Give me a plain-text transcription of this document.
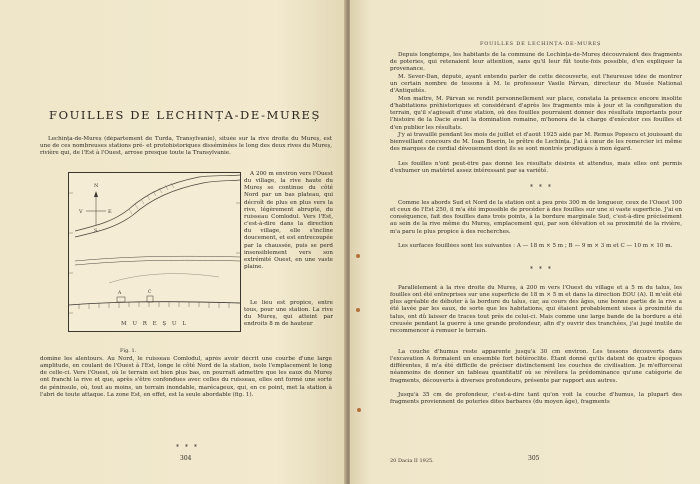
FOUILLES DE LECHINȚA-DE-MUREȘ

Lechința-de-Mureș (département de Turda, Transylvanie), située sur la rive droite du Mureș, est une de ces nombreuses stations pré- et protohistoriques disséminées le long des deux rives du Mureș, rivière qui, de l'Est à l'Ouest, arrose presque toute la Transylvanie.

N
S
E
V
A	C
M U R E Ș U L

A 200 m environ vers l'Ouest du village, la rive haute du Mureș se continue du côté Nord par un bas plateau, qui décroît de plus en plus vers la rive, légèrement abrupte, du ruisseau Comlodul. Vers l'Est, c'est-à-dire dans la direction du village, elle s'incline doucement, et est entrecoupée par la chaussée, puis se perd insensiblement vers son extrémité Ouest, en une vaste plaine.

Le lieu est propice, entre tous, pour une station. La rive du Mureș, qui atteint par endroits 8 m de hauteur

Fig. 1.

domine les alentours. Au Nord, le ruisseau Comlodul, après avoir décrit une courbe d'une large amplitude, en coulant de l'Ouest à l'Est, longe le côté Nord de la station, isole l'emplacement le long de celle-ci. Vers l'Ouest, où le terrain est bien plus bas, on pourrait admettre que les eaux du Mureș ont franchi la rive et que, après s'être confondues avec celles du ruisseau, elles ont formé une sorte de péninsule, où, tout au moins, un terrain inondable, marécageux, qui, en ce point, met la station à l'abri de toute attaque. La zone Est, en effet, est la seule abordable (fig. 1).

* * *
304
FOUILLES DE LECHINȚA-DE-MUREȘ

Depuis longtemps, les habitants de la commune de Lechința-de-Mureș découvraient des fragments de poteries, qui retenaient leur attention, sans qu'il leur fût toute-fois possible, d'en expliquer la provenance.

M. Sever-Dan, député, ayant entendu parler de cette découverte, eut l'heureuse idée de montrer un certain nombre de tessons à M. le professeur Vasile Pârvan, directeur du Musée National d'Antiquités.

Mon maître, M. Pârvan se rendit personnellement sur place, constata la présence encore insolite d'habitations préhistoriques et considérant d'après les fragments mis à jour et la configuration du terrain, qu'il s'agissait d'une station, où des fouilles pourraient donner des résultats importants pour l'histoire de la Dacie avant la domination romaine, m'honora de la charge d'exécuter ces fouilles et d'en publier les résultats.

J'y ai travaillé pendant les mois de juillet et d'août 1925 aidé par M. Remus Popescu et jouissant du bienveillant concours de M. Ioan Boerin, le prêtre de Lechința. J'ai à cœur de les remercier ici même des marques de cordial dévouement dont ils se sont montrés prodigues à mon égard.

Les fouilles n'ont peut-être pas donné les résultats désirés et attendus, mais elles ont permis d'exhumer un matériel assez intéressant par sa variété.

* * *

Comme les abords Sud et Nord de la station ont à peu près 300 m de longueur, ceux de l'Ouest 100 et ceux de l'Est 250, il m'a été impossible de procéder à des fouilles sur une si vaste superficie. J'ai en conséquence, fait des fouilles dans trois points, à la bordure marginale Sud, c'est-à-dire précisément au sein de la rive même du Mureș, emplacement qui, par son élévation et sa proximité de la rivière, m'a paru le plus propice à des recherches.

Les surfaces fouillées sont les suivantes : A — 18 m × 5 m ; B — 9 m × 3 m et C — 10 m × 10 m.

* * *

Parallèlement à la rive droite du Mureș, à 200 m vers l'Ouest du village et à 5 m du talus, les fouilles ont été entreprises sur une superficie de 18 m × 5 m et dans la direction EOU (A). Il m'eût été plus agréable de débuter à la bordure du talus, car, au cours des âges, une bonne partie de la rive a été lavée par les eaux, de sorte que les habitations, qui étaient probablement sises à proximité du talus, ont dû laisser de traces tout près de celui-ci. Mais comme une large bande de la bordure a été creusée pendant la guerre à une grande profondeur, afin d'y ouvrir des tranchées, j'ai jugé inutile de recommencer à remuer le terrain.

La couche d'humus reste apparente jusqu'à 30 cm environ. Les tessons découverts dans l'excavation A formaient un ensemble fort hétéroclite. Étant donné qu'ils datent de quatre époques différentes, il m'a été difficile de préciser distinctement les couches de civilisation. Je m'efforcerai néanmoins de donner un tableau quantitatif où se révélera la prédominance qu'une catégorie de fragments, découverts à diverses profondeurs, présente par rapport aux autres.

Jusqu'à 35 cm de profondeur, c'est-à-dire tant qu'on voit la couche d'humus, la plupart des fragments proviennent de poteries dites barbares (du moyen âge), fragments

20 Dacia II 1925.	305
